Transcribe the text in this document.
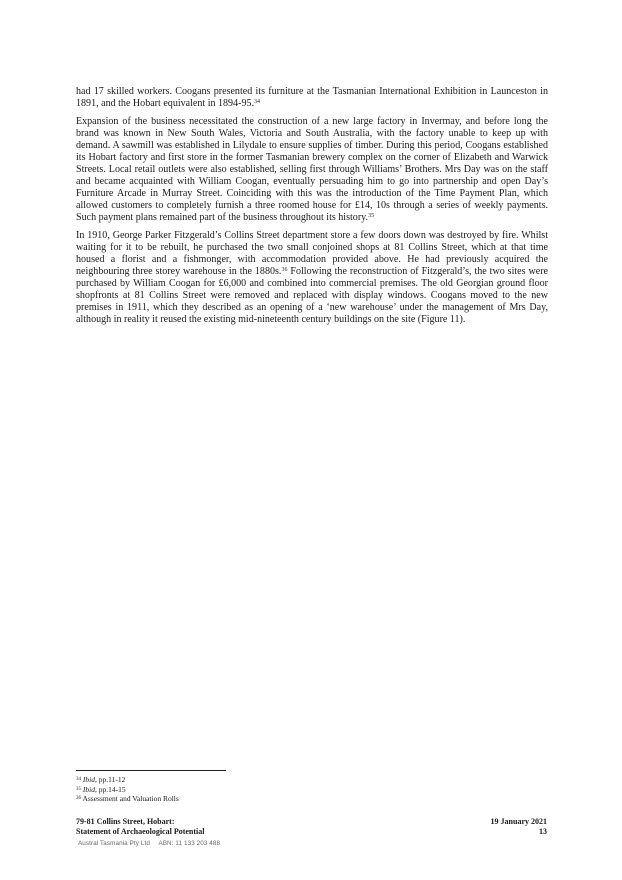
had 17 skilled workers. Coogans presented its furniture at the Tasmanian International Exhibition in Launceston in 1891, and the Hobart equivalent in 1894-95.34

Expansion of the business necessitated the construction of a new large factory in Invermay, and before long the brand was known in New South Wales, Victoria and South Australia, with the factory unable to keep up with demand. A sawmill was established in Lilydale to ensure supplies of timber. During this period, Coogans established its Hobart factory and first store in the former Tasmanian brewery complex on the corner of Elizabeth and Warwick Streets. Local retail outlets were also established, selling first through Williams’ Brothers. Mrs Day was on the staff and became acquainted with William Coogan, eventually persuading him to go into partnership and open Day’s Furniture Arcade in Murray Street. Coinciding with this was the introduction of the Time Payment Plan, which allowed customers to completely furnish a three roomed house for £14, 10s through a series of weekly payments. Such payment plans remained part of the business throughout its history.$^{35}$

In 1910, George Parker Fitzgerald’s Collins Street department store a few doors down was destroyed by fire. Whilst waiting for it to be rebuilt, he purchased the two small conjoined shops at 81 Collins Street, which at that time housed a florist and a fishmonger, with accommodation provided above. He had previously acquired the neighbouring three storey warehouse in the 1880s.$^{36}$ Following the reconstruction of Fitzgerald’s, the two sites were purchased by William Coogan for £6,000 and combined into commercial premises. The old Georgian ground floor shopfronts at 81 Collins Street were removed and replaced with display windows. Coogans moved to the new premises in 1911, which they described as an opening of a ‘new warehouse’ under the management of Mrs Day, although in reality it reused the existing mid-nineteenth century buildings on the site (Figure 11).

$^{34}$ Ibid, pp.11-12
$^{35}$ Ibid, pp.14-15
$^{36}$ Assessment and Valuation Rolls
79-81 Collins Street, Hobart:
Statement of Archaeological Potential
19 January 2021
13
Austral Tasmania Pty Ltd ABN: 11 133 203 488
